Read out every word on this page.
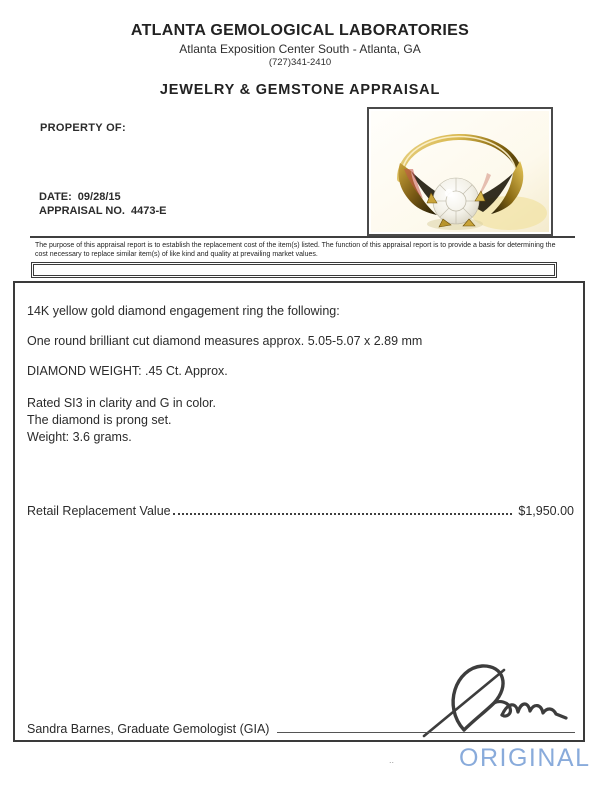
ATLANTA GEMOLOGICAL LABORATORIES
Atlanta Exposition Center South - Atlanta, GA
(727)341-2410
JEWELRY & GEMSTONE APPRAISAL
PROPERTY OF:
DATE: 09/28/15
APPRAISAL NO. 4473-E
The purpose of this appraisal report is to establish the replacement cost of the item(s) listed. The function of this appraisal report is to provide a basis for determining the cost necessary to replace similar item(s) of like kind and quality at prevailing market values.
14K yellow gold diamond engagement ring the following:
One round brilliant cut diamond measures approx. 5.05-5.07 x 2.89 mm
DIAMOND WEIGHT: .45 Ct. Approx.
Rated SI3 in clarity and G in color.
The diamond is prong set.
Weight: 3.6 grams.
Retail Replacement Value	$1,950.00
Sandra Barnes, Graduate Gemologist (GIA)
..	ORIGINAL
